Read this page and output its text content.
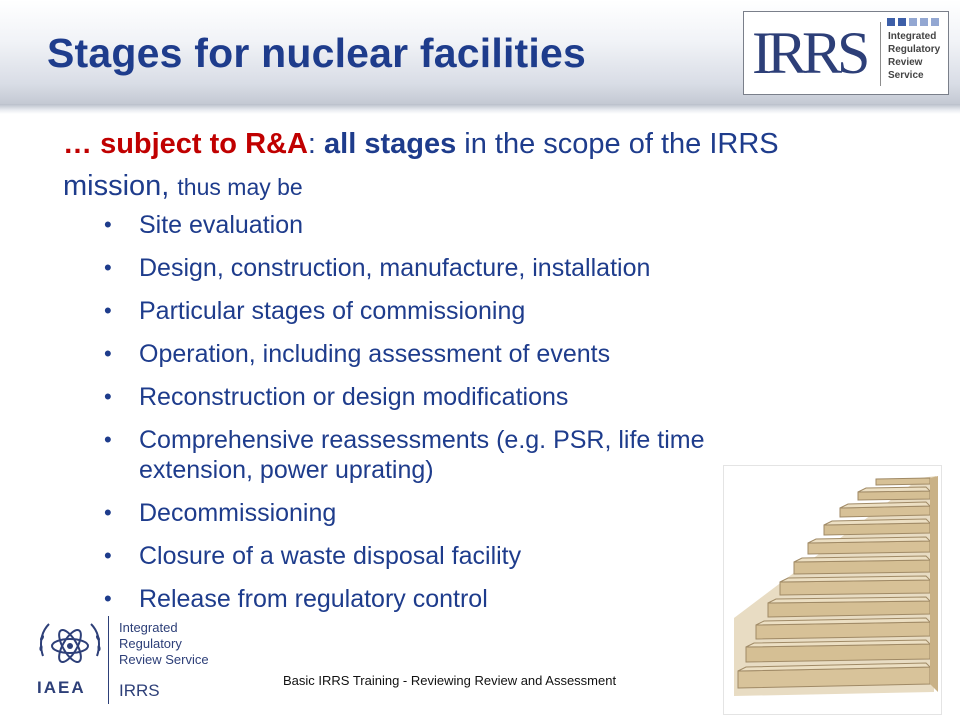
Stages for nuclear facilities	IRRS Integrated
Regulatory
Review
Service
… subject to R&A: all stages in the scope of the IRRS mission, thus may be
• Site evaluation
• Design, construction, manufacture, installation
• Particular stages of commissioning
• Operation, including assessment of events
• Reconstruction or design modifications
• Comprehensive reassessments (e.g. PSR, life time extension, power uprating)
• Decommissioning
• Closure of a waste disposal facility
• Release from regulatory control
IAEA
Integrated
Regulatory
Review Service
IRRS
Basic IRRS Training - Reviewing Review and Assessment
